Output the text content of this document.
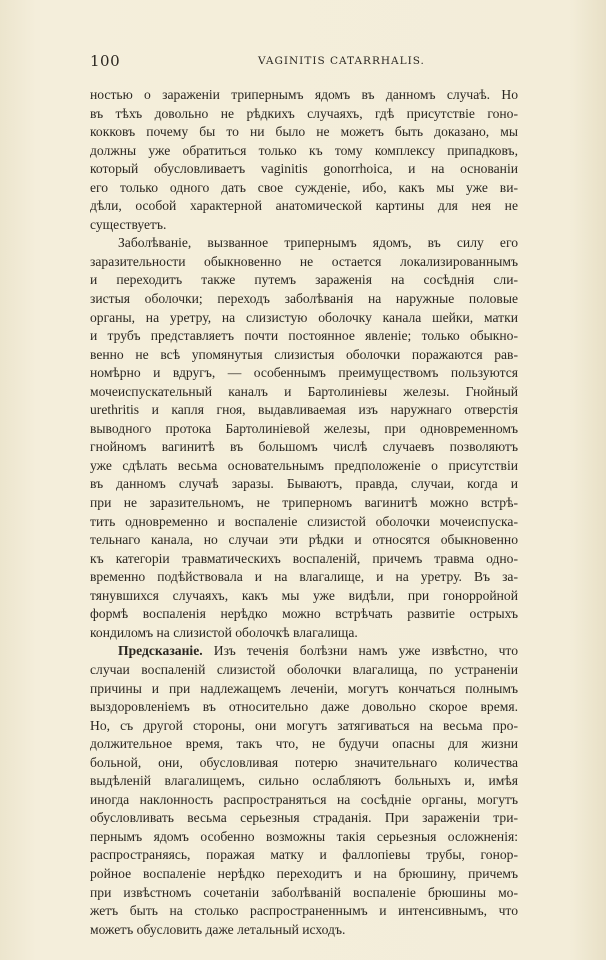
100	VAGINITIS CATARRHALIS.
ностью о зараженіи трипернымъ ядомъ въ данномъ случаѣ. Но
въ тѣхъ довольно не рѣдкихъ случаяхъ, гдѣ присутствіе гоно-
кокковъ почему бы то ни было не можетъ быть доказано, мы
должны уже обратиться только къ тому комплексу припадковъ,
который обусловливаетъ vaginitis gonorrhoica, и на основаніи
его только одного дать свое сужденіе, ибо, какъ мы уже ви-
дѣли, особой характерной анатомической картины для нея не
существуетъ.
Заболѣваніе, вызванное трипернымъ ядомъ, въ силу его
заразительности обыкновенно не остается локализированнымъ
и переходитъ также путемъ зараженія на сосѣднія сли-
зистыя оболочки; переходъ заболѣванія на наружные половые
органы, на уретру, на слизистую оболочку канала шейки, матки
и трубъ представляетъ почти постоянное явленіе; только обыкно-
венно не всѣ упомянутыя слизистыя оболочки поражаются рав-
номѣрно и вдругъ, — особеннымъ преимуществомъ пользуются
мочеиспускательный каналъ и Бартолиніевы железы. Гнойный
urethritis и капля гноя, выдавливаемая изъ наружнаго отверстія
выводного протока Бартолиніевой железы, при одновременномъ
гнойномъ вагинитѣ въ большомъ числѣ случаевъ позволяютъ
уже сдѣлать весьма основательнымъ предположеніе о присутствіи
въ данномъ случаѣ заразы. Бываютъ, правда, случаи, когда и
при не заразительномъ, не триперномъ вагинитѣ можно встрѣ-
тить одновременно и воспаленіе слизистой оболочки мочеиспуска-
тельнаго канала, но случаи эти рѣдки и относятся обыкновенно
къ категоріи травматическихъ воспаленій, причемъ травма одно-
временно подѣйствовала и на влагалище, и на уретру. Въ за-
тянувшихся случаяхъ, какъ мы уже видѣли, при гонорройной
формѣ воспаленія нерѣдко можно встрѣчать развитіе острыхъ
кондиломъ на слизистой оболочкѣ влагалища.
Предсказаніе. Изъ теченія болѣзни намъ уже извѣстно, что
случаи воспаленій слизистой оболочки влагалища, по устраненіи
причины и при надлежащемъ леченіи, могутъ кончаться полнымъ
выздоровленіемъ въ относительно даже довольно скорое время.
Но, съ другой стороны, они могутъ затягиваться на весьма про-
должительное время, такъ что, не будучи опасны для жизни
больной, они, обусловливая потерю значительнаго количества
выдѣленій влагалищемъ, сильно ослабляютъ больныхъ и, имѣя
иногда наклонность распространяться на сосѣдніе органы, могутъ
обусловливать весьма серьезныя страданія. При зараженіи три-
пернымъ ядомъ особенно возможны такія серьезныя осложненія:
распространяясь, поражая матку и фаллопіевы трубы, гонор-
ройное воспаленіе нерѣдко переходитъ и на брюшину, причемъ
при извѣстномъ сочетаніи заболѣваній воспаленіе брюшины мо-
жетъ быть на столько распространеннымъ и интенсивнымъ, что
можетъ обусловить даже летальный исходъ.
